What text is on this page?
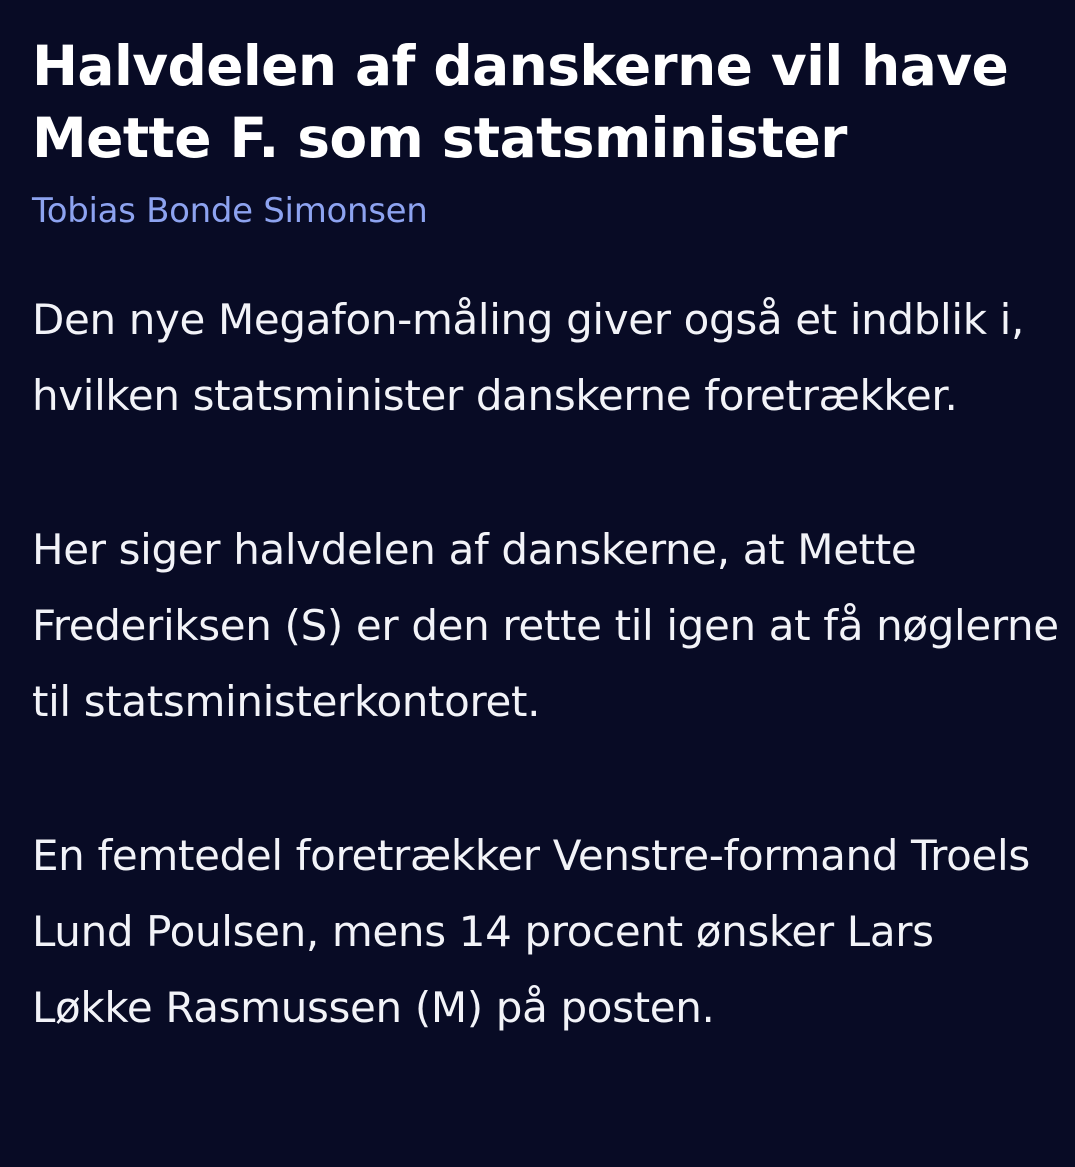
Halvdelen af danskerne vil have Mette F. som statsminister
Tobias Bonde Simonsen

Den nye Megafon-måling giver også et indblik i, hvilken statsminister danskerne foretrækker.

Her siger halvdelen af danskerne, at Mette Frederiksen (S) er den rette til igen at få nøglerne til statsministerkontoret.

En femtedel foretrækker Venstre-formand Troels Lund Poulsen, mens 14 procent ønsker Lars Løkke Rasmussen (M) på posten.
